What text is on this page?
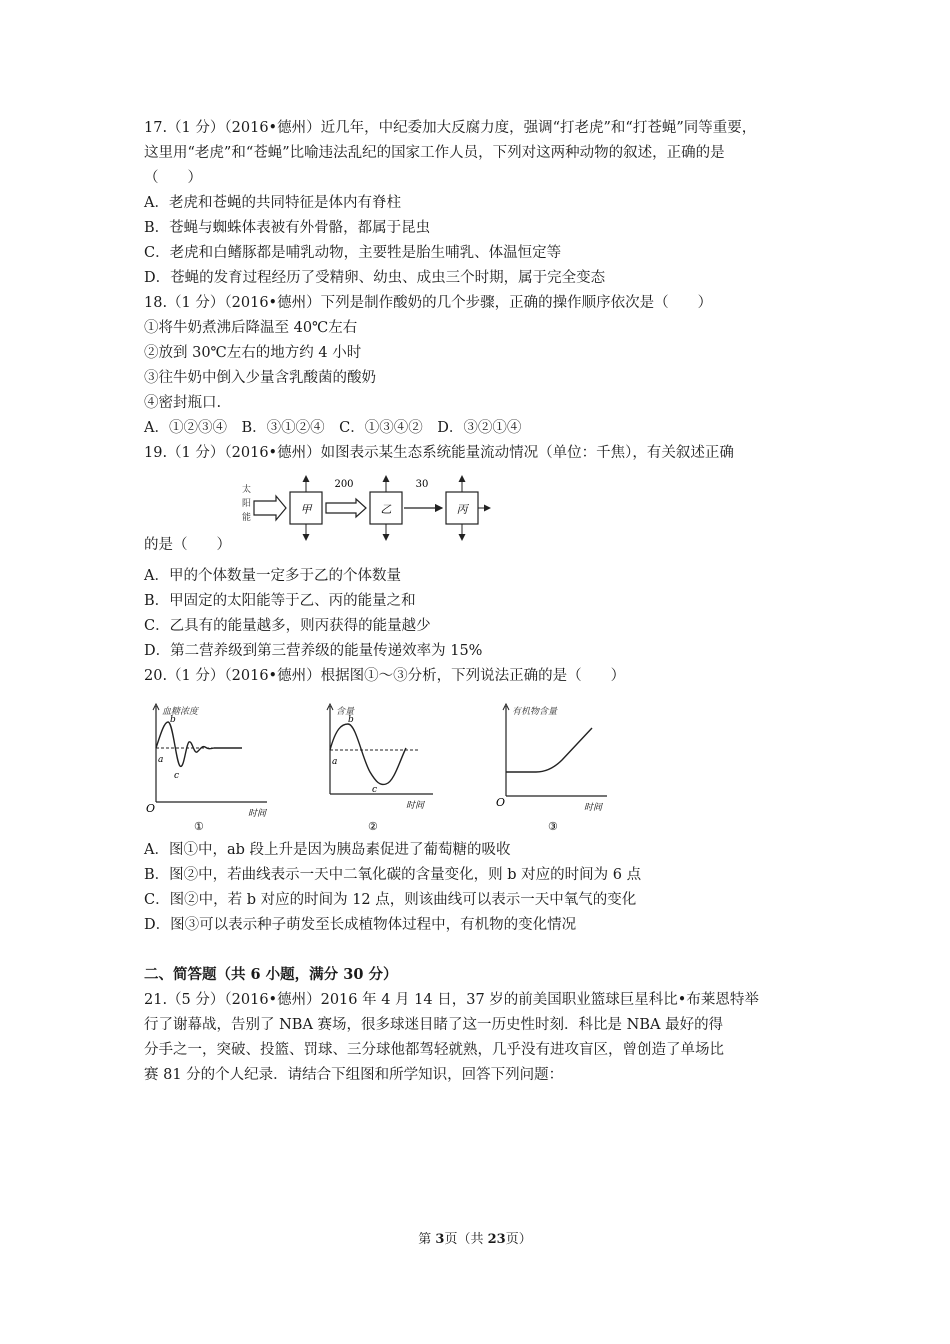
17.（1 分）（2016•德州）近几年，中纪委加大反腐力度，强调“打老虎”和“打苍蝇”同等重要，
这里用“老虎”和“苍蝇”比喻违法乱纪的国家工作人员，下列对这两种动物的叙述，正确的是
（　　）
A．老虎和苍蝇的共同特征是体内有脊柱
B．苍蝇与蜘蛛体表被有外骨骼，都属于昆虫
C．老虎和白鳍豚都是哺乳动物，主要牲是胎生哺乳、体温恒定等
D．苍蝇的发育过程经历了受精卵、幼虫、成虫三个时期，属于完全变态
18.（1 分）（2016•德州）下列是制作酸奶的几个步骤，正确的操作顺序依次是（　　）
①将牛奶煮沸后降温至 40℃左右
②放到 30℃左右的地方约 4 小时
③往牛奶中倒入少量含乳酸菌的酸奶
④密封瓶口.
A．①②③④　B．③①②④　C．①③④②　D．③②①④
19.（1 分）（2016•德州）如图表示某生态系统能量流动情况（单位：千焦），有关叙述正确
太
阳
能
甲
200
乙
30
丙
的是（　　）
A．甲的个体数量一定多于乙的个体数量
B．甲固定的太阳能等于乙、丙的能量之和
C．乙具有的能量越多，则丙获得的能量越少
D．第二营养级到第三营养级的能量传递效率为 15%
20.（1 分）（2016•德州）根据图①～③分析，下列说法正确的是（　　）
血糖浓度
O	时间
a
b
c
①
含量
时间
a
b
c
②
有机物含量
O	时间
③
A．图①中，ab 段上升是因为胰岛素促进了葡萄糖的吸收
B．图②中，若曲线表示一天中二氧化碳的含量变化，则 b 对应的时间为 6 点
C．图②中，若 b 对应的时间为 12 点，则该曲线可以表示一天中氧气的变化
D．图③可以表示种子萌发至长成植物体过程中，有机物的变化情况
二、简答题（共 6 小题，满分 30 分）
21.（5 分）（2016•德州）2016 年 4 月 14 日，37 岁的前美国职业篮球巨星科比•布莱恩特举
行了谢幕战，告别了 NBA 赛场，很多球迷目睹了这一历史性时刻．科比是 NBA 最好的得
分手之一，突破、投篮、罚球、三分球他都驾轻就熟，几乎没有进攻盲区，曾创造了单场比
赛 81 分的个人纪录．请结合下组图和所学知识，回答下列问题：
第 3页（共 23页）
